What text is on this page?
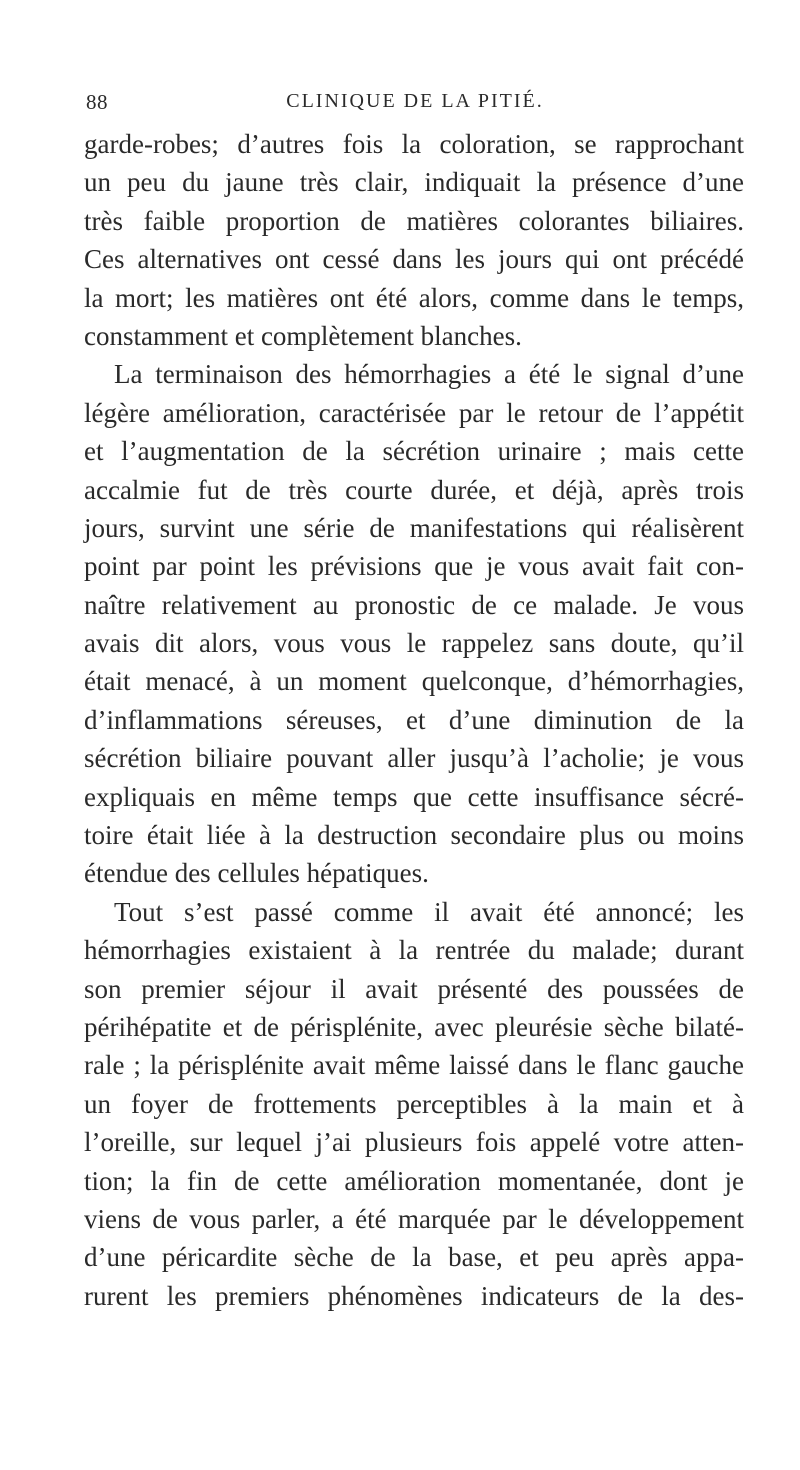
88	CLINIQUE DE LA PITIÉ.
garde-robes; d’autres fois la coloration, se rapprochant
un peu du jaune très clair, indiquait la présence d’une
très faible proportion de matières colorantes biliaires.
Ces alternatives ont cessé dans les jours qui ont précédé
la mort; les matières ont été alors, comme dans le temps,
constamment et complètement blanches.
La terminaison des hémorrhagies a été le signal d’une
légère amélioration, caractérisée par le retour de l’appétit
et l’augmentation de la sécrétion urinaire ; mais cette
accalmie fut de très courte durée, et déjà, après trois
jours, survint une série de manifestations qui réalisèrent
point par point les prévisions que je vous avait fait con-
naître relativement au pronostic de ce malade. Je vous
avais dit alors, vous vous le rappelez sans doute, qu’il
était menacé, à un moment quelconque, d’hémorrhagies,
d’inflammations séreuses, et d’une diminution de la
sécrétion biliaire pouvant aller jusqu’à l’acholie; je vous
expliquais en même temps que cette insuffisance sécré-
toire était liée à la destruction secondaire plus ou moins
étendue des cellules hépatiques.
Tout s’est passé comme il avait été annoncé; les
hémorrhagies existaient à la rentrée du malade; durant
son premier séjour il avait présenté des poussées de
périhépatite et de périsplénite, avec pleurésie sèche bilaté-
rale ; la périsplénite avait même laissé dans le flanc gauche
un foyer de frottements perceptibles à la main et à
l’oreille, sur lequel j’ai plusieurs fois appelé votre atten-
tion; la fin de cette amélioration momentanée, dont je
viens de vous parler, a été marquée par le développement
d’une péricardite sèche de la base, et peu après appa-
rurent les premiers phénomènes indicateurs de la des-
